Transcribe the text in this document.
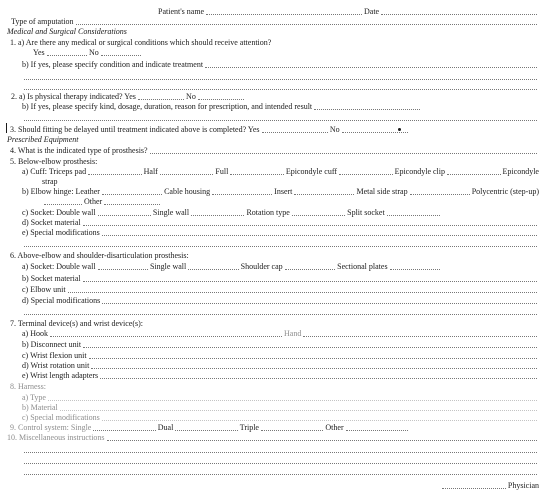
Patient's name	Date
Type of amputation
Medical and Surgical Considerations
1. a) Are there any medical or surgical conditions which should receive attention?
Yes	No
b) If yes, please specify condition and indicate treatment
2. a) Is physical therapy indicated? Yes	No
b) If yes, please specify kind, dosage, duration, reason for prescription, and intended result
3. Should fitting be delayed until treatment indicated above is completed? Yes	No
Prescribed Equipment
4. What is the indicated type of prosthesis?
5. Below-elbow prosthesis:
a) Cuff: Triceps pad	Half	Full	Epicondyle cuff	Epicondyle clip	Epicondyle
strap
b) Elbow hinge: Leather	Cable housing	Insert	Metal side strap	Polycentric (step-up)
Other
c) Socket: Double wall	Single wall	Rotation type	Split socket
d) Socket material
e) Special modifications
6. Above-elbow and shoulder-disarticulation prosthesis:
a) Socket: Double wall	Single wall	Shoulder cap	Sectional plates
b) Socket material
c) Elbow unit
d) Special modifications
7. Terminal device(s) and wrist device(s):
a) Hook	Hand
b) Disconnect unit
c) Wrist flexion unit
d) Wrist rotation unit
e) Wrist length adapters
8. Harness:
a) Type
b) Material
c) Special modifications
9. Control system: Single	Dual	Triple	Other
10. Miscellaneous instructions
Physician
